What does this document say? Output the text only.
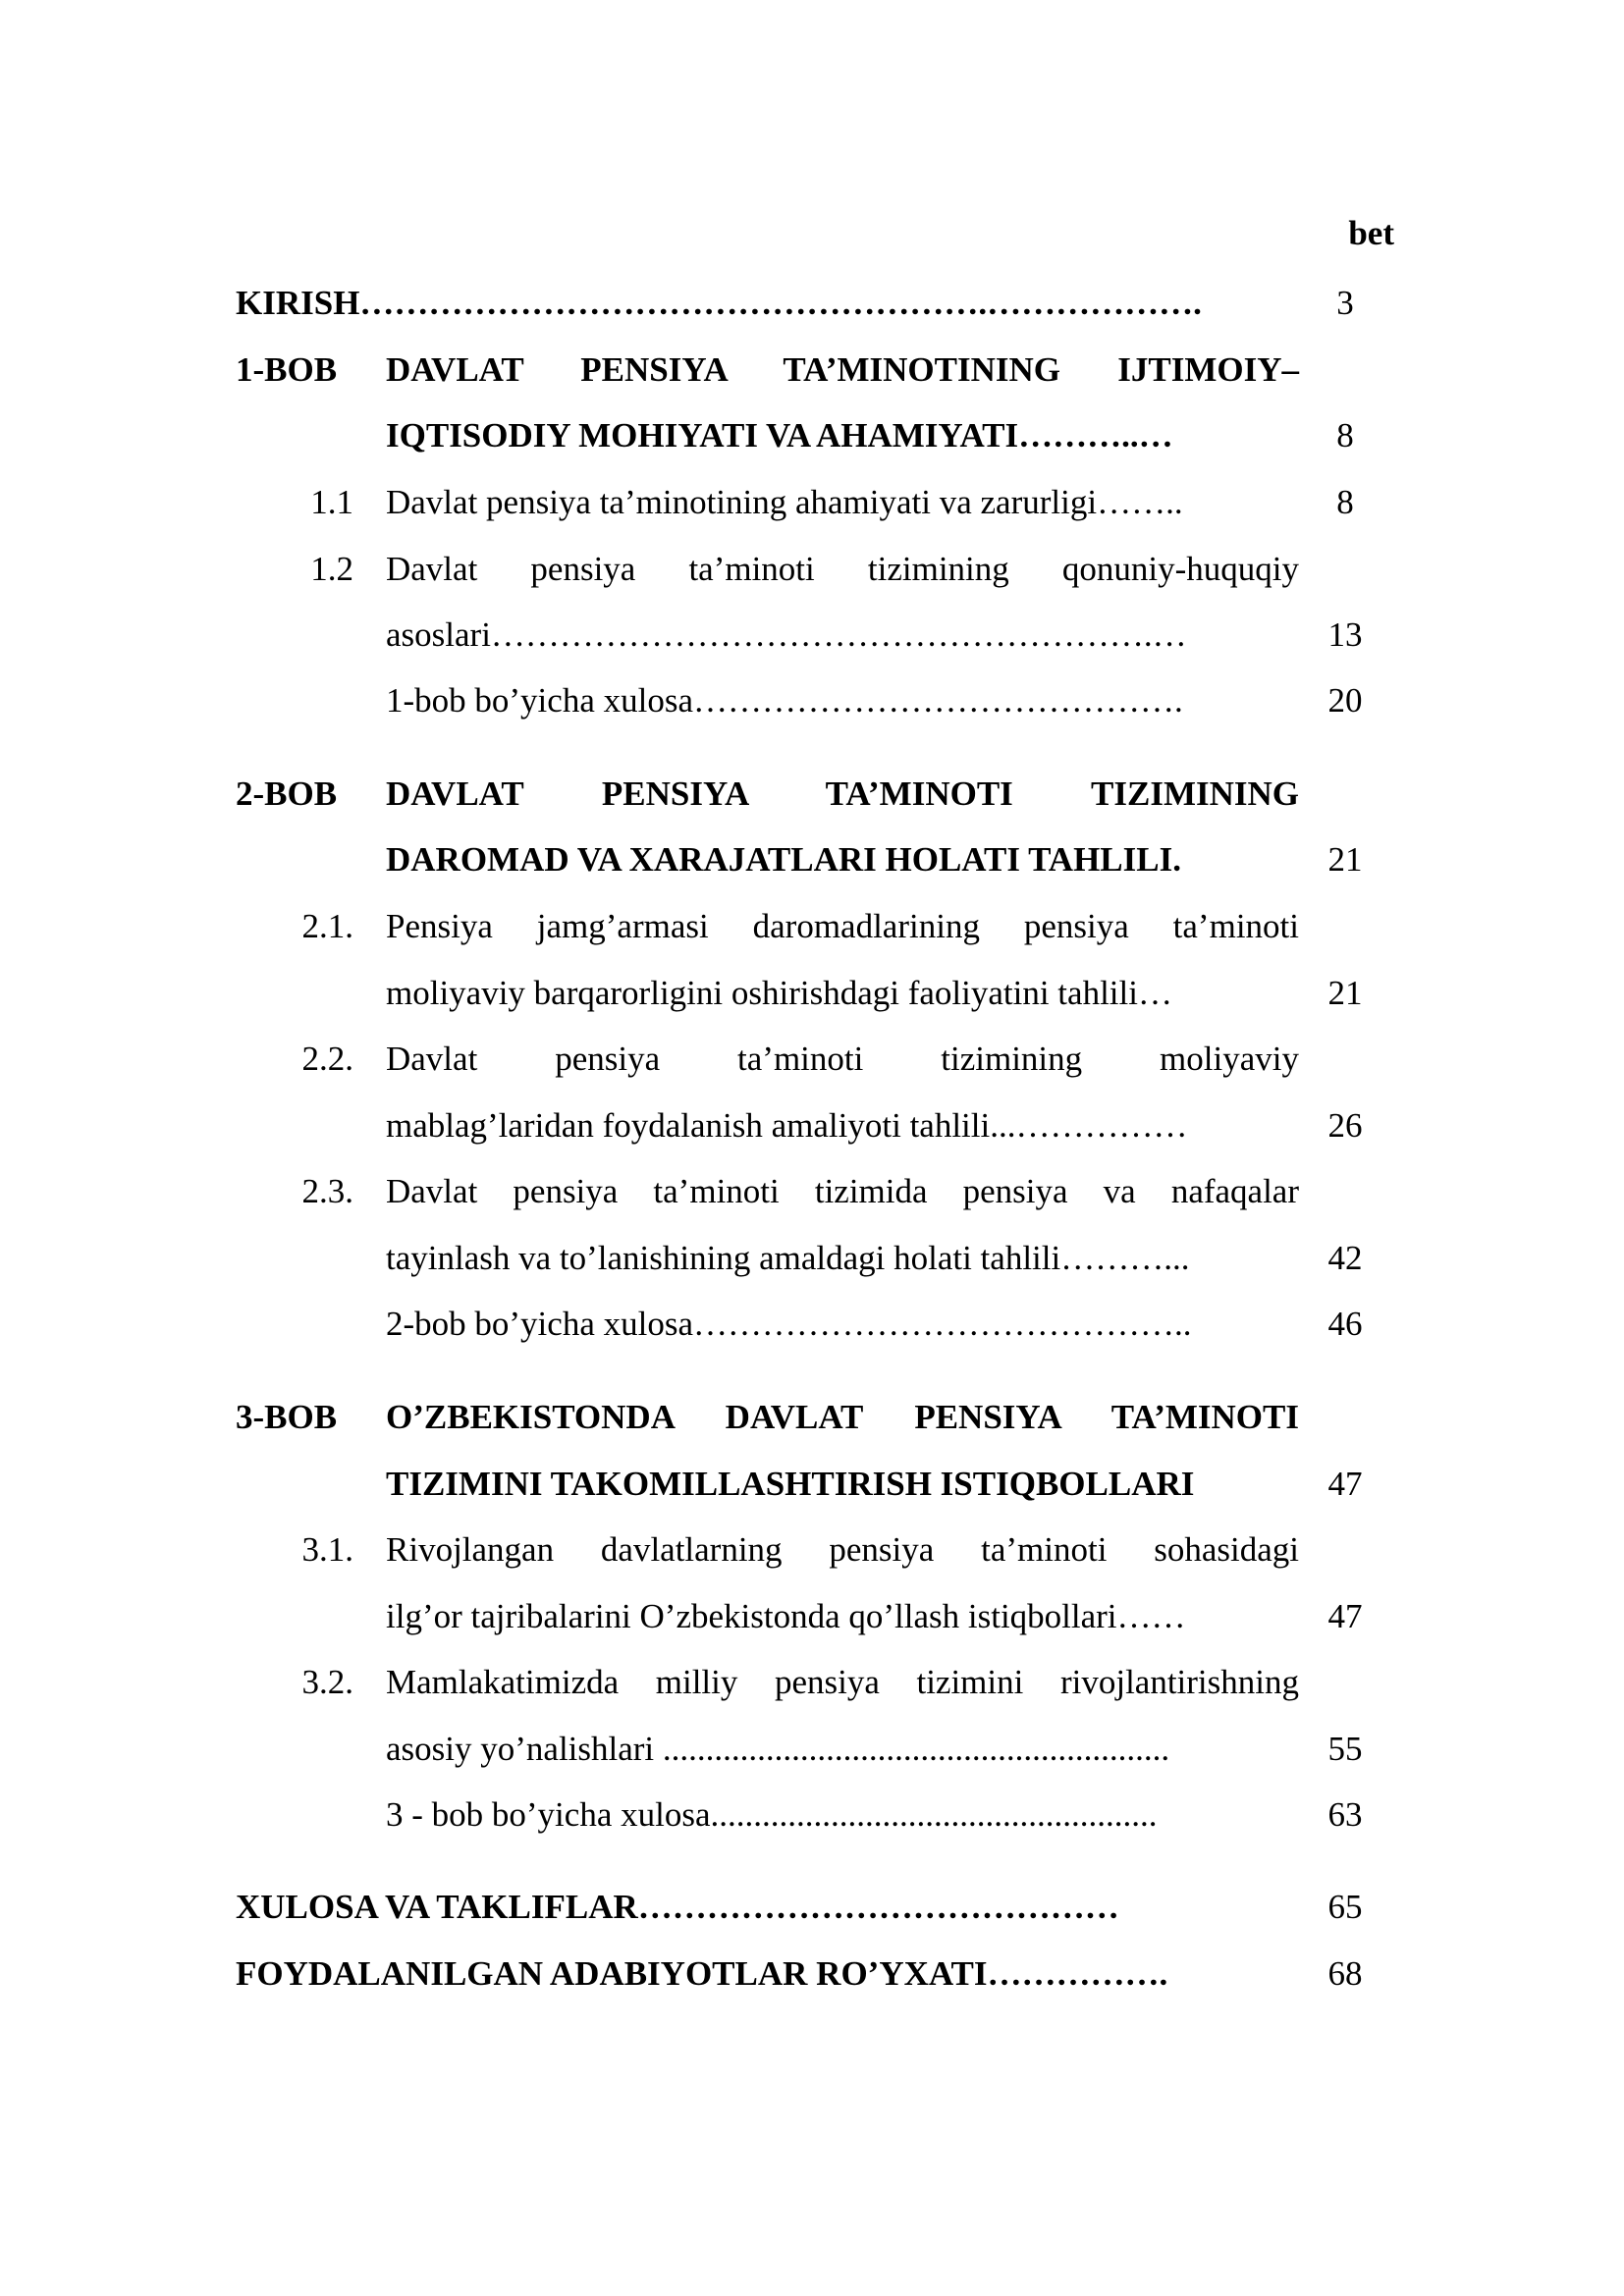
bet
KIRISH……………………………………………….……………….	3
1-BOB	DAVLAT PENSIYA TA’MINOTINING IJTIMOIY–
IQTISODIY MOHIYATI VA AHAMIYATI………..…	8
1.1 Davlat pensiya ta’minotining ahamiyati va zarurligi……..	8
1.2 Davlat pensiya ta’minoti tizimining qonuniy-huquqiy
asoslari………………………………………………….…	13
1-bob bo’yicha xulosa…………………………………….	20
2-BOB	DAVLAT PENSIYA TA’MINOTI TIZIMINING
DAROMAD VA XARAJATLARI HOLATI TAHLILI.	21
2.1. Pensiya jamg’armasi daromadlarining pensiya ta’minoti
moliyaviy barqarorligini oshirishdagi faoliyatini tahlili…	21
2.2. Davlat pensiya ta’minoti tizimining moliyaviy
mablag’laridan foydalanish amaliyoti tahlili...……………	26
2.3. Davlat pensiya ta’minoti tizimida pensiya va nafaqalar
tayinlash va to’lanishining amaldagi holati tahlili………...	42
2-bob bo’yicha xulosa……………………………………..	46
3-BOB	O’ZBEKISTONDA DAVLAT PENSIYA TA’MINOTI
TIZIMINI TAKOMILLASHTIRISH ISTIQBOLLARI	47
3.1. Rivojlangan davlatlarning pensiya ta’minoti sohasidagi
ilg’or tajribalarini O’zbekistonda qo’llash istiqbollari……	47
3.2. Mamlakatimizda milliy pensiya tizimini rivojlantirishning
asosiy yo’nalishlari ...........................................................	55
3 - bob bo’yicha xulosa....................................................	63
XULOSA VA TAKLIFLAR……………………………………	65
FOYDALANILGAN ADABIYOTLAR RO’YXATI…………….	68
